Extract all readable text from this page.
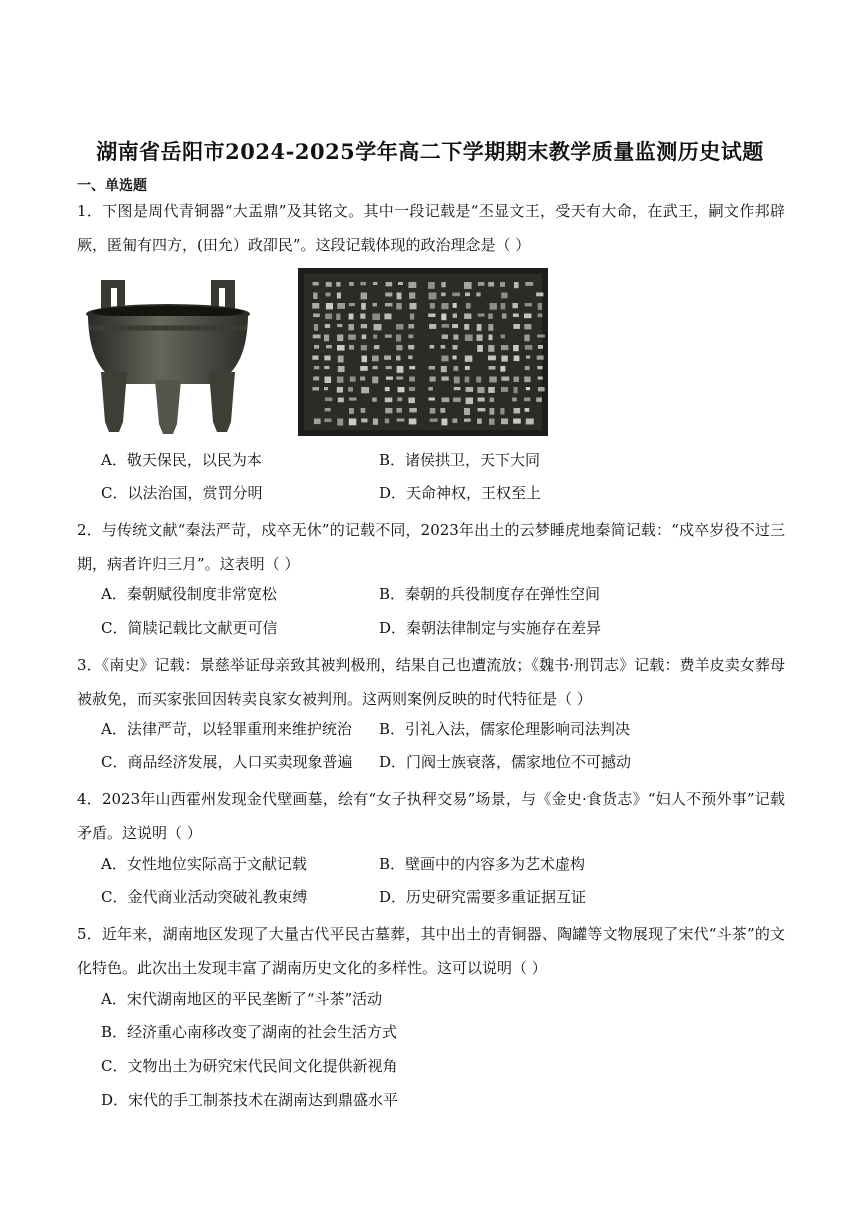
湖南省岳阳市2024-2025学年高二下学期期末教学质量监测历史试题
一、单选题
1．下图是周代青铜器“大盂鼎”及其铭文。其中一段记载是“丕显文王，受天有大命，在武王，嗣文作邦辟厥，匿匍有四方，(田允）政卲民”。这段记载体现的政治理念是（ ）
A．敬天保民，以民为本	B．诸侯拱卫，天下大同
C．以法治国，赏罚分明	D．天命神权，王权至上
2．与传统文献“秦法严苛，戍卒无休”的记载不同，2023年出土的云梦睡虎地秦简记载：“戍卒岁役不过三期，病者许归三月”。这表明（ ）
A．秦朝赋役制度非常宽松	B．秦朝的兵役制度存在弹性空间
C．简牍记载比文献更可信	D．秦朝法律制定与实施存在差异
3．《南史》记载：景慈举证母亲致其被判极刑，结果自己也遭流放；《魏书·刑罚志》记载：费羊皮卖女葬母被赦免，而买家张回因转卖良家女被判刑。这两则案例反映的时代特征是（ ）
A．法律严苛，以轻罪重刑来维护统治 B．引礼入法，儒家伦理影响司法判决
C．商品经济发展，人口买卖现象普遍 D．门阀士族衰落，儒家地位不可撼动
4．2023年山西霍州发现金代壁画墓，绘有“女子执秤交易”场景，与《金史·食货志》“妇人不预外事”记载矛盾。这说明（ ）
A．女性地位实际高于文献记载	B．壁画中的内容多为艺术虚构
C．金代商业活动突破礼教束缚	D．历史研究需要多重证据互证
5．近年来，湖南地区发现了大量古代平民古墓葬，其中出土的青铜器、陶罐等文物展现了宋代“斗茶”的文化特色。此次出土发现丰富了湖南历史文化的多样性。这可以说明（ ）
A．宋代湖南地区的平民垄断了“斗茶”活动
B．经济重心南移改变了湖南的社会生活方式
C．文物出土为研究宋代民间文化提供新视角
D．宋代的手工制茶技术在湖南达到鼎盛水平
